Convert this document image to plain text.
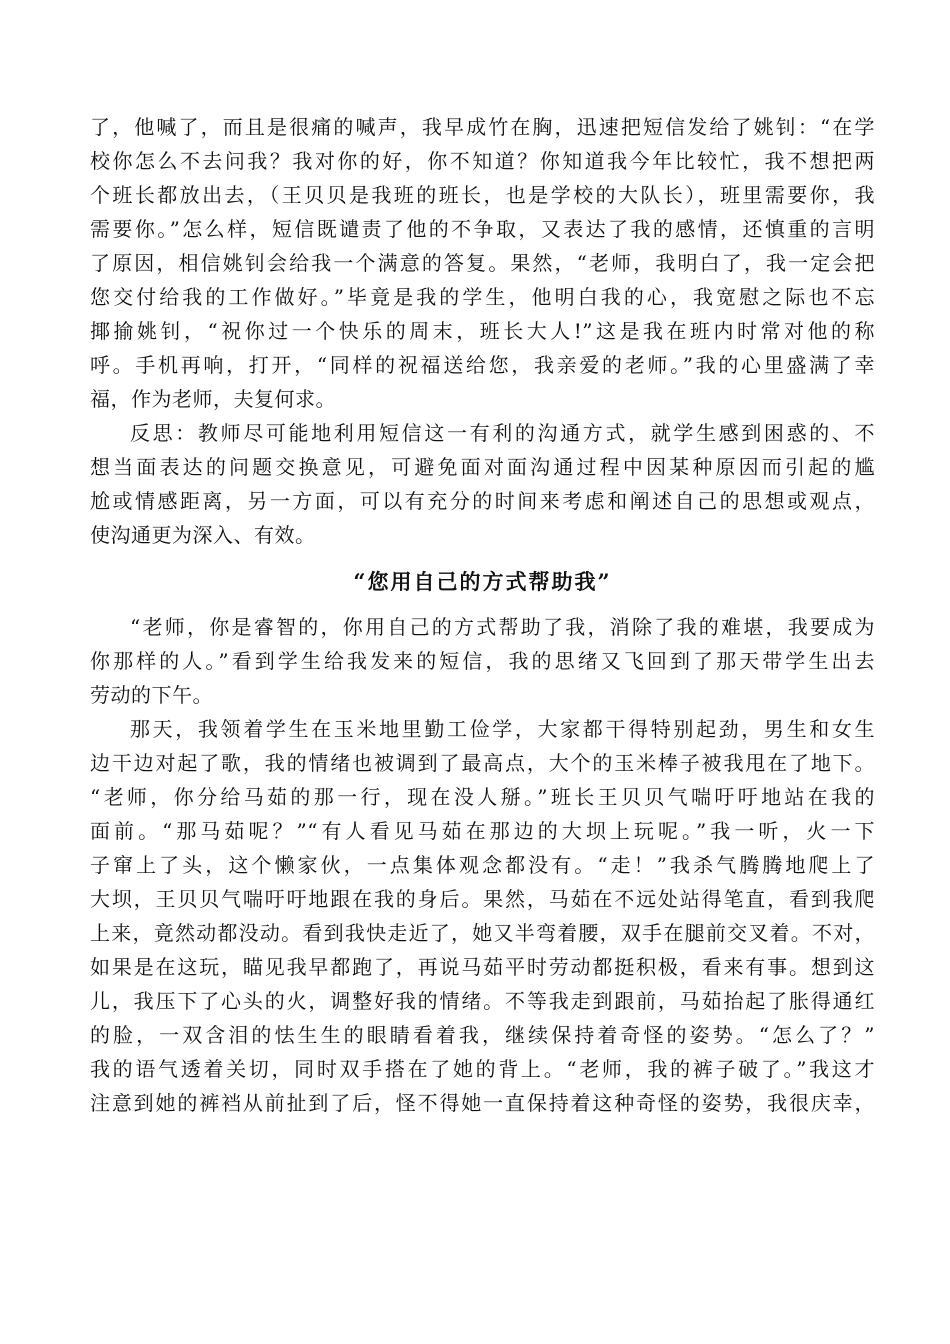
了，他喊了，而且是很痛的喊声，我早成竹在胸，迅速把短信发给了姚钊：“在学
校你怎么不去问我？我对你的好，你不知道？你知道我今年比较忙，我不想把两
个班长都放出去，（王贝贝是我班的班长，也是学校的大队长），班里需要你，我
需要你。”怎么样，短信既谴责了他的不争取，又表达了我的感情，还慎重的言明
了原因，相信姚钊会给我一个满意的答复。果然，“老师，我明白了，我一定会把
您交付给我的工作做好。”毕竟是我的学生，他明白我的心，我宽慰之际也不忘
揶揄姚钊，“祝你过一个快乐的周末，班长大人!”这是我在班内时常对他的称
呼。手机再响，打开，“同样的祝福送给您，我亲爱的老师。”我的心里盛满了幸
福，作为老师，夫复何求。
反思：教师尽可能地利用短信这一有利的沟通方式，就学生感到困惑的、不
想当面表达的问题交换意见，可避免面对面沟通过程中因某种原因而引起的尴
尬或情感距离，另一方面，可以有充分的时间来考虑和阐述自己的思想或观点，
使沟通更为深入、有效。
“您用自己的方式帮助我”
“老师，你是睿智的，你用自己的方式帮助了我，消除了我的难堪，我要成为
你那样的人。”看到学生给我发来的短信，我的思绪又飞回到了那天带学生出去
劳动的下午。
那天，我领着学生在玉米地里勤工俭学，大家都干得特别起劲，男生和女生
边干边对起了歌，我的情绪也被调到了最高点，大个的玉米棒子被我甩在了地下。
“老师，你分给马茹的那一行，现在没人掰。”班长王贝贝气喘吁吁地站在我的
面前。“那马茹呢？”“有人看见马茹在那边的大坝上玩呢。”我一听，火一下
子窜上了头，这个懒家伙，一点集体观念都没有。“走！”我杀气腾腾地爬上了
大坝，王贝贝气喘吁吁地跟在我的身后。果然，马茹在不远处站得笔直，看到我爬
上来，竟然动都没动。看到我快走近了，她又半弯着腰，双手在腿前交叉着。不对，
如果是在这玩，瞄见我早都跑了，再说马茹平时劳动都挺积极，看来有事。想到这
儿，我压下了心头的火，调整好我的情绪。不等我走到跟前，马茹抬起了胀得通红
的脸，一双含泪的怯生生的眼睛看着我，继续保持着奇怪的姿势。“怎么了？”
我的语气透着关切，同时双手搭在了她的背上。“老师，我的裤子破了。”我这才
注意到她的裤裆从前扯到了后，怪不得她一直保持着这种奇怪的姿势，我很庆幸，
